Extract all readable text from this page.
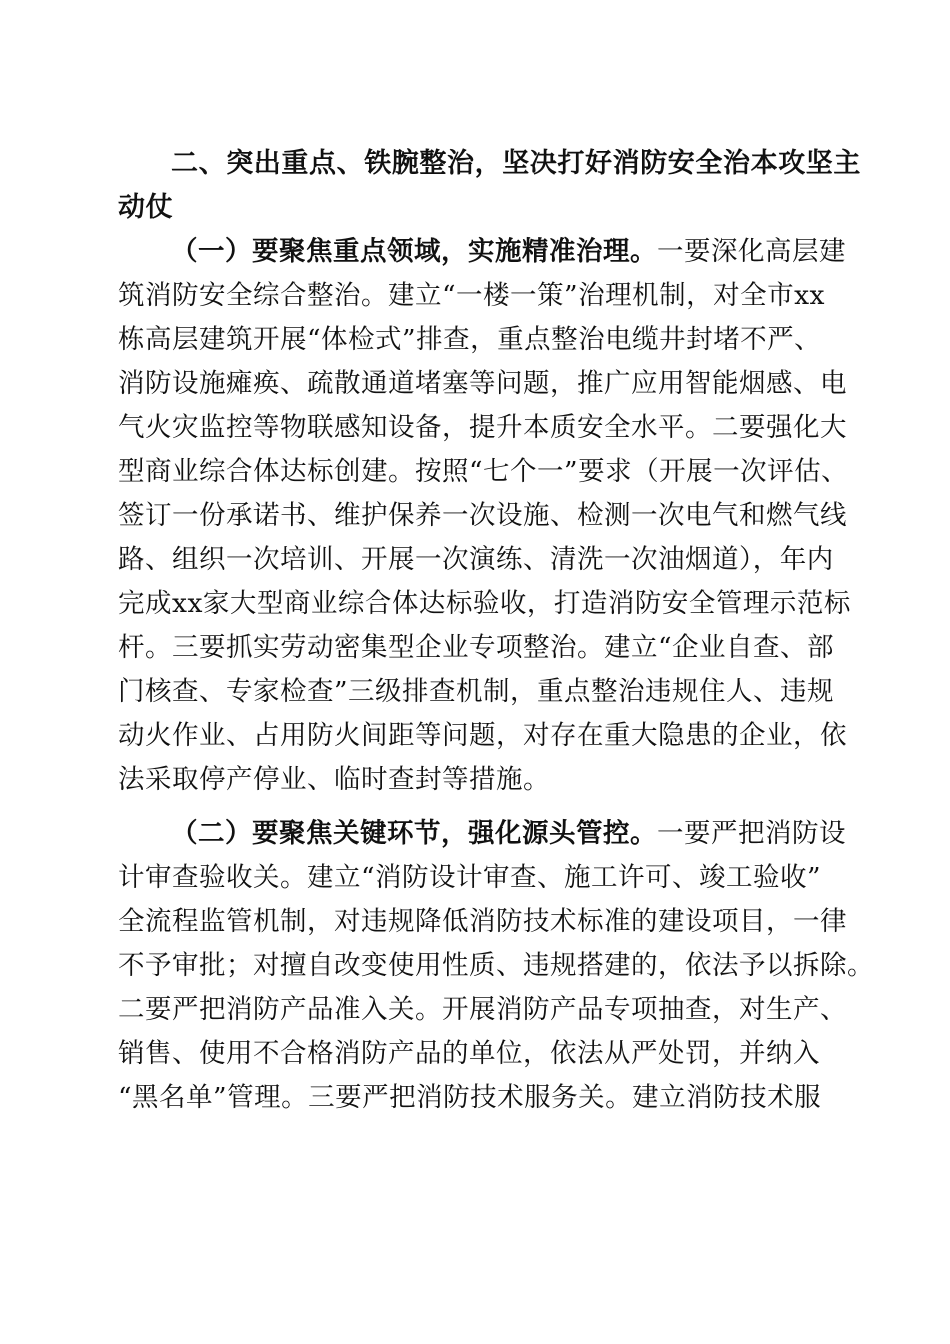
二、突出重点、铁腕整治，坚决打好消防安全治本攻坚主
动仗
（一）要聚焦重点领域，实施精准治理。一要深化高层建
筑消防安全综合整治。建立“一楼一策”治理机制，对全市xx
栋高层建筑开展“体检式”排查，重点整治电缆井封堵不严、
消防设施瘫痪、疏散通道堵塞等问题，推广应用智能烟感、电
气火灾监控等物联感知设备，提升本质安全水平。二要强化大
型商业综合体达标创建。按照“七个一”要求（开展一次评估、
签订一份承诺书、维护保养一次设施、检测一次电气和燃气线
路、组织一次培训、开展一次演练、清洗一次油烟道），年内
完成xx家大型商业综合体达标验收，打造消防安全管理示范标
杆。三要抓实劳动密集型企业专项整治。建立“企业自查、部
门核查、专家检查”三级排查机制，重点整治违规住人、违规
动火作业、占用防火间距等问题，对存在重大隐患的企业，依
法采取停产停业、临时查封等措施。
（二）要聚焦关键环节，强化源头管控。一要严把消防设
计审查验收关。建立“消防设计审查、施工许可、竣工验收”
全流程监管机制，对违规降低消防技术标准的建设项目，一律
不予审批；对擅自改变使用性质、违规搭建的，依法予以拆除。
二要严把消防产品准入关。开展消防产品专项抽查，对生产、
销售、使用不合格消防产品的单位，依法从严处罚，并纳入
“黑名单”管理。三要严把消防技术服务关。建立消防技术服
